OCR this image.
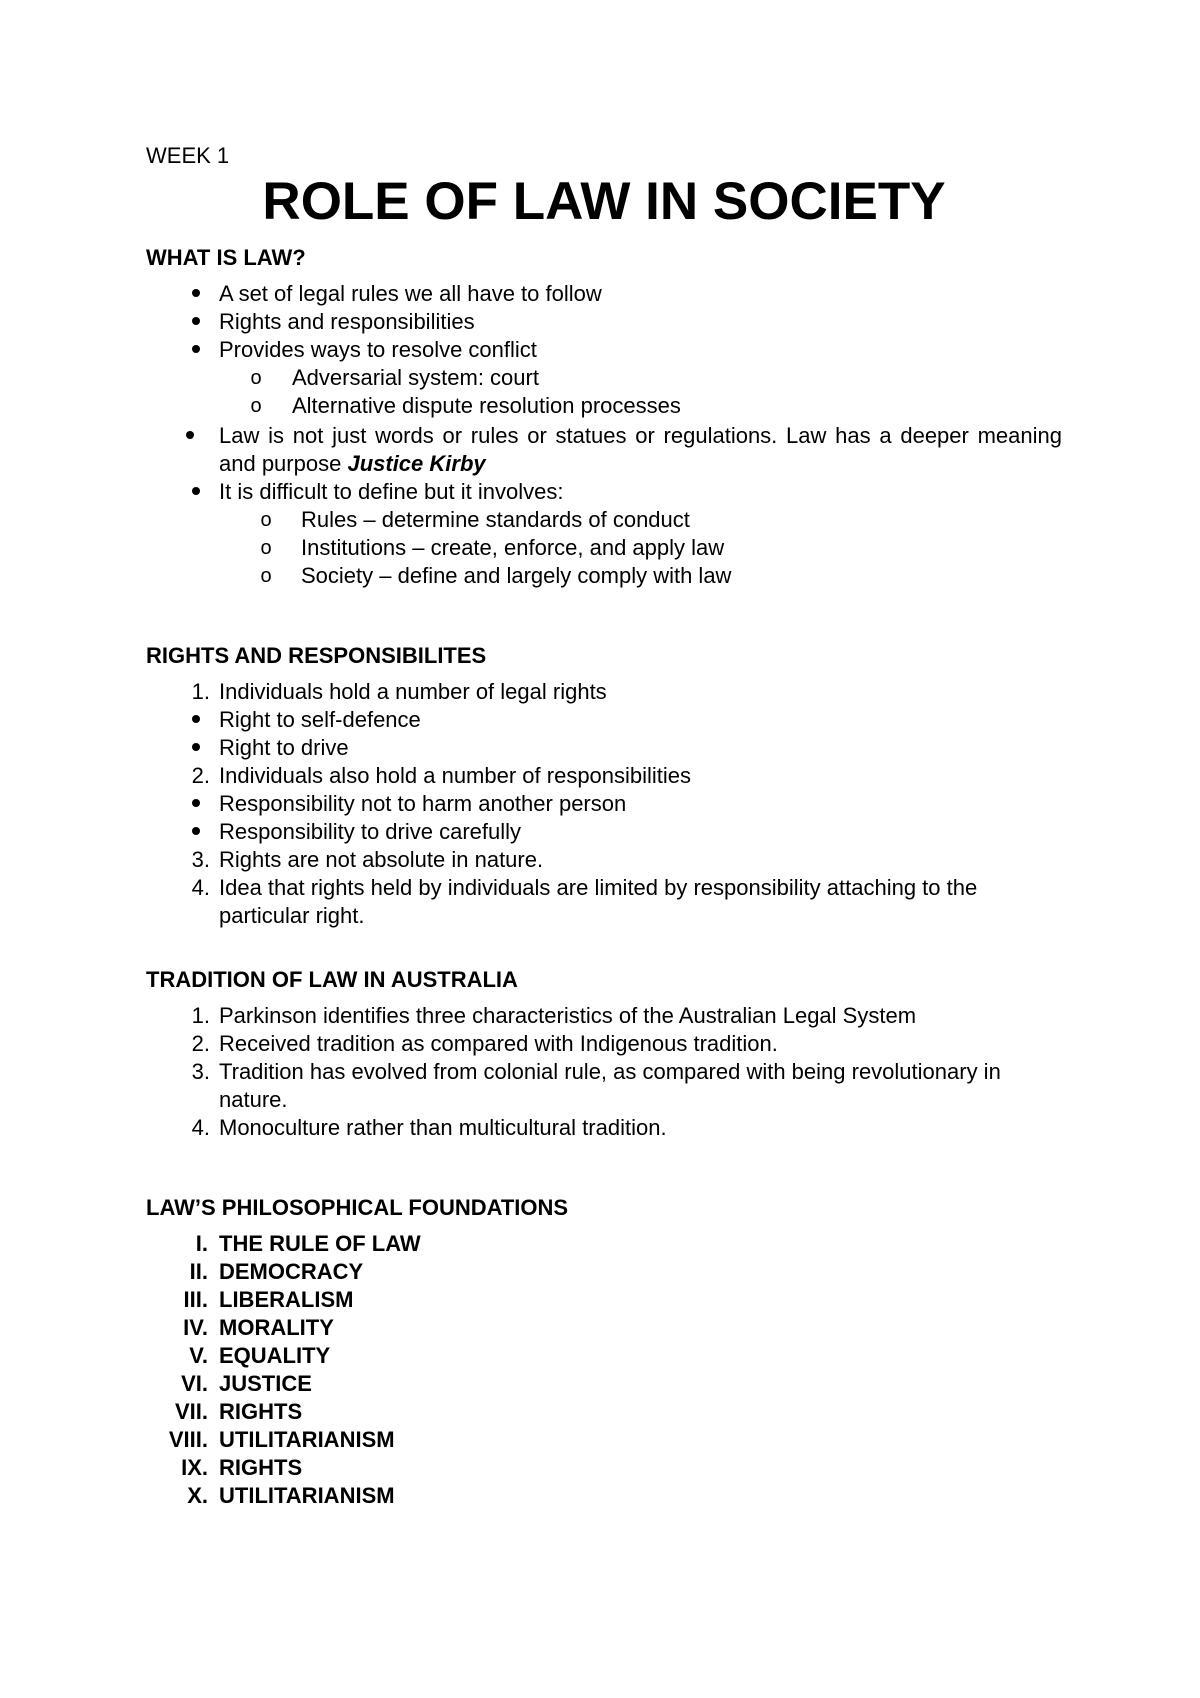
WEEK 1
ROLE OF LAW IN SOCIETY
WHAT IS LAW?
A set of legal rules we all have to follow
Rights and responsibilities
Provides ways to resolve conflict
o Adversarial system: court
o Alternative dispute resolution processes
Law is not just words or rules or statues or regulations. Law has a deeper meaning and purpose Justice Kirby
It is difficult to define but it involves:
o Rules – determine standards of conduct
o Institutions – create, enforce, and apply law
o Society – define and largely comply with law
RIGHTS AND RESPONSIBILITES
1. Individuals hold a number of legal rights
Right to self-defence
Right to drive
2. Individuals also hold a number of responsibilities
Responsibility not to harm another person
Responsibility to drive carefully
3. Rights are not absolute in nature.
4. Idea that rights held by individuals are limited by responsibility attaching to the particular right.
TRADITION OF LAW IN AUSTRALIA
1. Parkinson identifies three characteristics of the Australian Legal System
2. Received tradition as compared with Indigenous tradition.
3. Tradition has evolved from colonial rule, as compared with being revolutionary in nature.
4. Monoculture rather than multicultural tradition.
LAW’S PHILOSOPHICAL FOUNDATIONS
I. THE RULE OF LAW
II. DEMOCRACY
III. LIBERALISM
IV. MORALITY
V. EQUALITY
VI. JUSTICE
VII. RIGHTS
VIII. UTILITARIANISM
IX. RIGHTS
X. UTILITARIANISM
